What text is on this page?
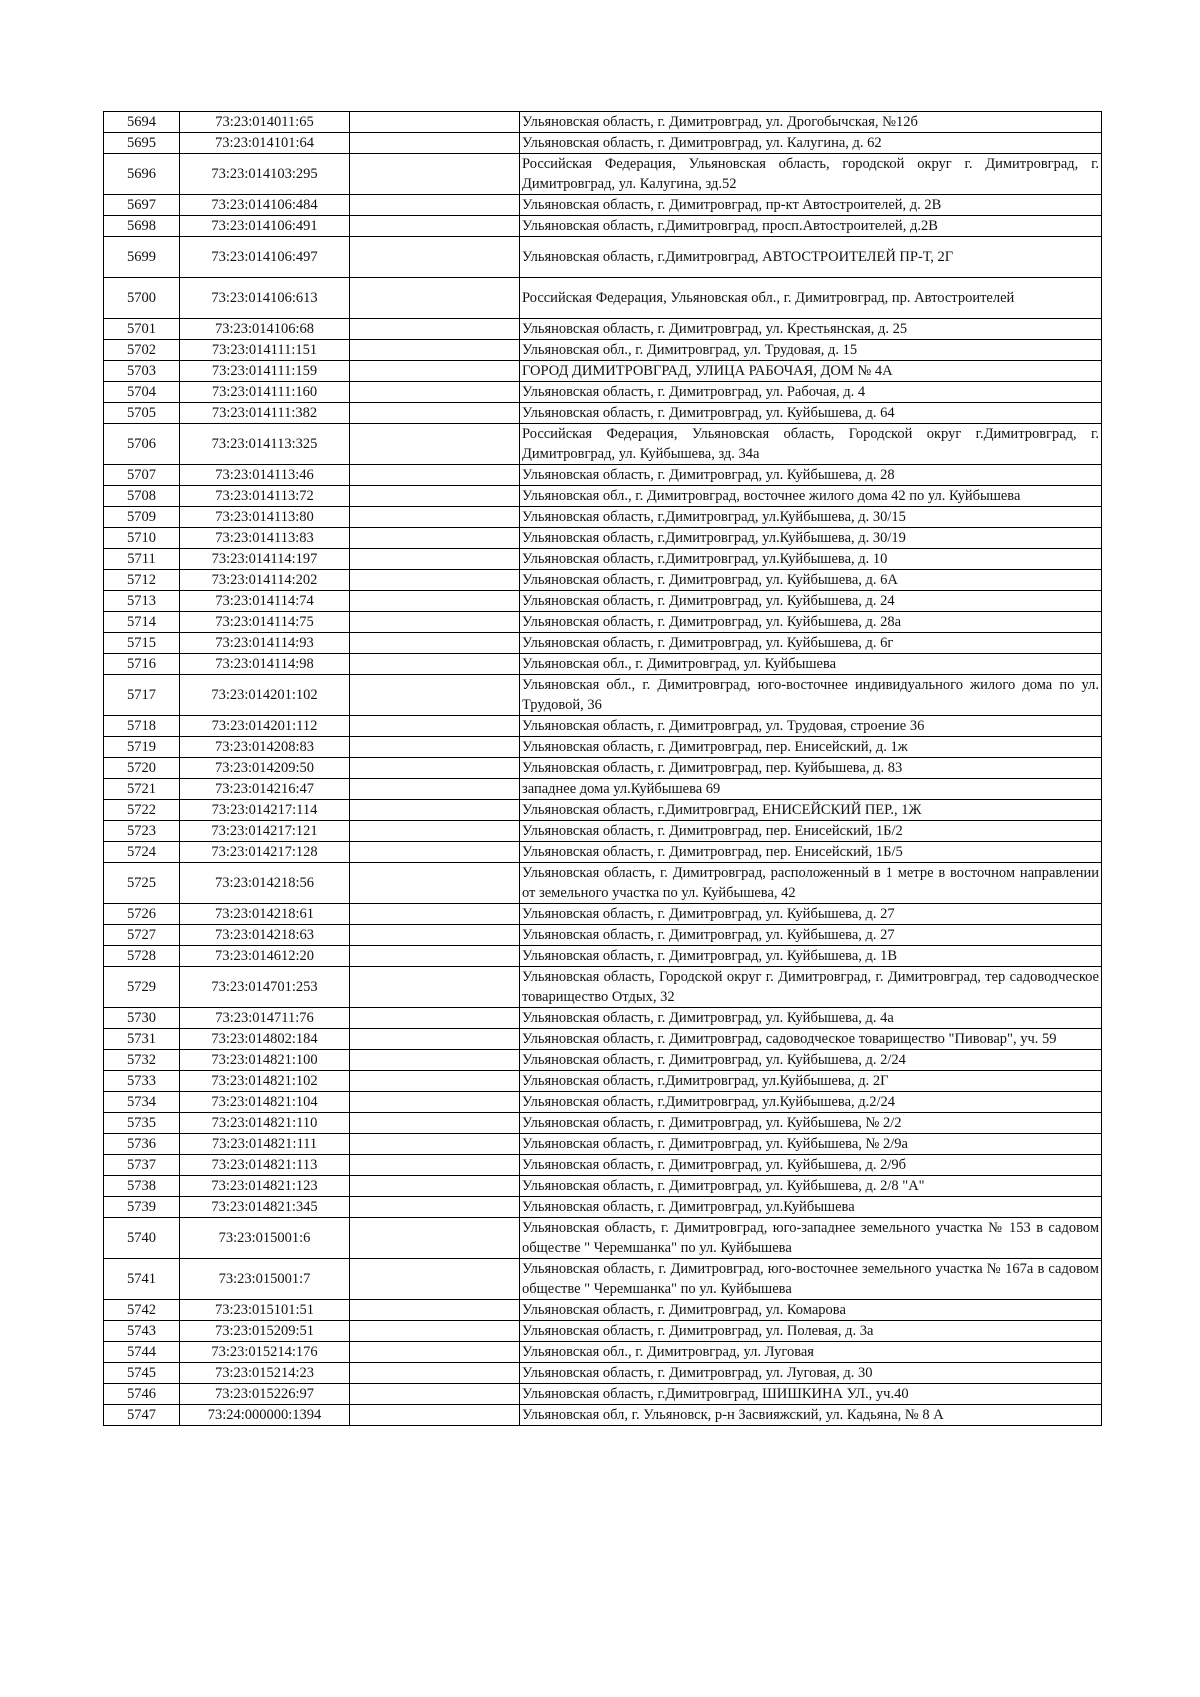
5694	73:23:014011:65		Ульяновская область, г. Димитровград, ул. Дрогобычская, №12б
5695	73:23:014101:64		Ульяновская область, г. Димитровград, ул. Калугина, д. 62
5696	73:23:014103:295		Российская Федерация, Ульяновская область, городской округ г. Димитровград, г. Димитровград, ул. Калугина, зд.52
5697	73:23:014106:484		Ульяновская область, г. Димитровград, пр-кт Автостроителей, д. 2В
5698	73:23:014106:491		Ульяновская область, г.Димитровград, просп.Автостроителей, д.2В
5699	73:23:014106:497		Ульяновская область, г.Димитровград, АВТОСТРОИТЕЛЕЙ ПР-Т, 2Г
5700	73:23:014106:613		Российская Федерация, Ульяновская обл., г. Димитровград, пр. Автостроителей
5701	73:23:014106:68		Ульяновская область, г. Димитровград, ул. Крестьянская, д. 25
5702	73:23:014111:151		Ульяновская обл., г. Димитровград, ул. Трудовая, д. 15
5703	73:23:014111:159		ГОРОД ДИМИТРОВГРАД, УЛИЦА РАБОЧАЯ, ДОМ № 4А
5704	73:23:014111:160		Ульяновская область, г. Димитровград, ул. Рабочая, д. 4
5705	73:23:014111:382		Ульяновская область, г. Димитровград, ул. Куйбышева, д. 64
5706	73:23:014113:325		Российская Федерация, Ульяновская область, Городской округ г.Димитровград, г. Димитровград, ул. Куйбышева, зд. 34а
5707	73:23:014113:46		Ульяновская область, г. Димитровград, ул. Куйбышева, д. 28
5708	73:23:014113:72		Ульяновская обл., г. Димитровград, восточнее жилого дома 42 по ул. Куйбышева
5709	73:23:014113:80		Ульяновская область, г.Димитровград, ул.Куйбышева, д. 30/15
5710	73:23:014113:83		Ульяновская область, г.Димитровград, ул.Куйбышева, д. 30/19
5711	73:23:014114:197		Ульяновская область, г.Димитровград, ул.Куйбышева, д. 10
5712	73:23:014114:202		Ульяновская область, г. Димитровград, ул. Куйбышева, д. 6А
5713	73:23:014114:74		Ульяновская область, г. Димитровград, ул. Куйбышева, д. 24
5714	73:23:014114:75		Ульяновская область, г. Димитровград, ул. Куйбышева, д. 28а
5715	73:23:014114:93		Ульяновская область, г. Димитровград, ул. Куйбышева, д. 6г
5716	73:23:014114:98		Ульяновская обл., г. Димитровград, ул. Куйбышева
5717	73:23:014201:102		Ульяновская обл., г. Димитровград, юго-восточнее индивидуального жилого дома по ул. Трудовой, 36
5718	73:23:014201:112		Ульяновская область, г. Димитровград, ул. Трудовая, строение 36
5719	73:23:014208:83		Ульяновская область, г. Димитровград, пер. Енисейский, д. 1ж
5720	73:23:014209:50		Ульяновская область, г. Димитровград, пер. Куйбышева, д. 83
5721	73:23:014216:47		западнее дома ул.Куйбышева 69
5722	73:23:014217:114		Ульяновская область, г.Димитровград, ЕНИСЕЙСКИЙ ПЕР., 1Ж
5723	73:23:014217:121		Ульяновская область, г. Димитровград, пер. Енисейский, 1Б/2
5724	73:23:014217:128		Ульяновская область, г. Димитровград, пер. Енисейский, 1Б/5
5725	73:23:014218:56		Ульяновская область, г. Димитровград, расположенный в 1 метре в восточном направлении от земельного участка по ул. Куйбышева, 42
5726	73:23:014218:61		Ульяновская область, г. Димитровград, ул. Куйбышева, д. 27
5727	73:23:014218:63		Ульяновская область, г. Димитровград, ул. Куйбышева, д. 27
5728	73:23:014612:20		Ульяновская область, г. Димитровград, ул. Куйбышева, д. 1В
5729	73:23:014701:253		Ульяновская область, Городской округ г. Димитровград, г. Димитровград, тер садоводческое товарищество Отдых, 32
5730	73:23:014711:76		Ульяновская область, г. Димитровград, ул. Куйбышева, д. 4а
5731	73:23:014802:184		Ульяновская область, г. Димитровград, садоводческое товарищество "Пивовар", уч. 59
5732	73:23:014821:100		Ульяновская область, г. Димитровград, ул. Куйбышева, д. 2/24
5733	73:23:014821:102		Ульяновская область, г.Димитровград, ул.Куйбышева, д. 2Г
5734	73:23:014821:104		Ульяновская область, г.Димитровград, ул.Куйбышева, д.2/24
5735	73:23:014821:110		Ульяновская область, г. Димитровград, ул. Куйбышева, № 2/2
5736	73:23:014821:111		Ульяновская область, г. Димитровград, ул. Куйбышева, № 2/9а
5737	73:23:014821:113		Ульяновская область, г. Димитровград, ул. Куйбышева, д. 2/9б
5738	73:23:014821:123		Ульяновская область, г. Димитровград, ул. Куйбышева, д. 2/8 "А"
5739	73:23:014821:345		Ульяновская область, г. Димитровград, ул.Куйбышева
5740	73:23:015001:6		Ульяновская область, г. Димитровград, юго-западнее земельного участка № 153 в садовом обществе " Черемшанка" по ул. Куйбышева
5741	73:23:015001:7		Ульяновская область, г. Димитровград, юго-восточнее земельного участка № 167а в садовом обществе " Черемшанка" по ул. Куйбышева
5742	73:23:015101:51		Ульяновская область, г. Димитровград, ул. Комарова
5743	73:23:015209:51		Ульяновская область, г. Димитровград, ул. Полевая, д. 3а
5744	73:23:015214:176		Ульяновская обл., г. Димитровград, ул. Луговая
5745	73:23:015214:23		Ульяновская область, г. Димитровград, ул. Луговая, д. 30
5746	73:23:015226:97		Ульяновская область, г.Димитровград, ШИШКИНА УЛ., уч.40
5747	73:24:000000:1394		Ульяновская обл, г. Ульяновск, р-н Засвияжский, ул. Кадьяна, № 8 А
